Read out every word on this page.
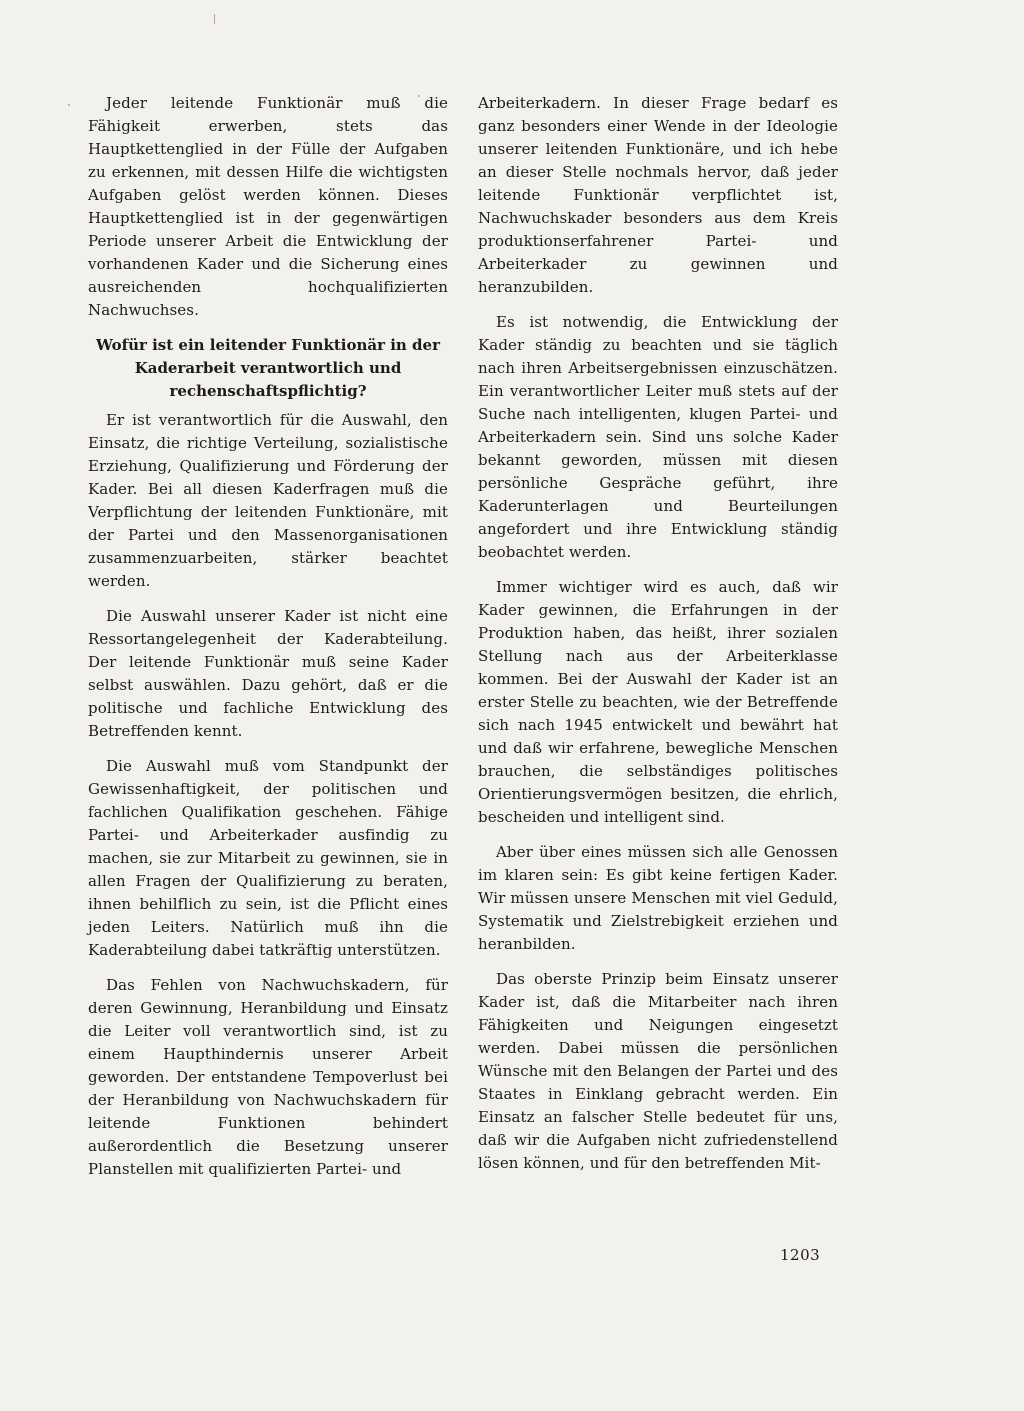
Jeder leitende Funktionär muß die Fähigkeit erwerben, stets das Hauptkettenglied in der Fülle der Aufgaben zu erkennen, mit dessen Hilfe die wichtigsten Aufgaben gelöst werden können. Dieses Hauptkettenglied ist in der gegenwärtigen Periode unserer Arbeit die Entwicklung der vorhandenen Kader und die Sicherung eines ausreichenden hochqualifizierten Nachwuchses.

Wofür ist ein leitender Funktionär in der Kaderarbeit verantwortlich und rechenschaftspflichtig?

Er ist verantwortlich für die Auswahl, den Einsatz, die richtige Verteilung, sozialistische Erziehung, Qualifizierung und Förderung der Kader. Bei all diesen Kaderfragen muß die Verpflichtung der leitenden Funktionäre, mit der Partei und den Massenorganisationen zusammenzuarbeiten, stärker beachtet werden.

Die Auswahl unserer Kader ist nicht eine Ressortangelegenheit der Kaderabteilung. Der leitende Funktionär muß seine Kader selbst auswählen. Dazu gehört, daß er die politische und fachliche Entwicklung des Betreffenden kennt.

Die Auswahl muß vom Standpunkt der Gewissenhaftigkeit, der politischen und fachlichen Qualifikation geschehen. Fähige Partei- und Arbeiterkader ausfindig zu machen, sie zur Mitarbeit zu gewinnen, sie in allen Fragen der Qualifizierung zu beraten, ihnen behilflich zu sein, ist die Pflicht eines jeden Leiters. Natürlich muß ihn die Kaderabteilung dabei tatkräftig unterstützen.

Das Fehlen von Nachwuchskadern, für deren Gewinnung, Heranbildung und Einsatz die Leiter voll verantwortlich sind, ist zu einem Haupthindernis unserer Arbeit geworden. Der entstandene Tempoverlust bei der Heranbildung von Nachwuchskadern für leitende Funktionen behindert außerordentlich die Besetzung unserer Planstellen mit qualifizierten Partei- und

Arbeiterkadern. In dieser Frage bedarf es ganz besonders einer Wende in der Ideologie unserer leitenden Funktionäre, und ich hebe an dieser Stelle nochmals hervor, daß jeder leitende Funktionär verpflichtet ist, Nachwuchskader besonders aus dem Kreis produktionserfahrener Partei- und Arbeiterkader zu gewinnen und heranzubilden.

Es ist notwendig, die Entwicklung der Kader ständig zu beachten und sie täglich nach ihren Arbeitsergebnissen einzuschätzen. Ein verantwortlicher Leiter muß stets auf der Suche nach intelligenten, klugen Partei- und Arbeiterkadern sein. Sind uns solche Kader bekannt geworden, müssen mit diesen persönliche Gespräche geführt, ihre Kaderunterlagen und Beurteilungen angefordert und ihre Entwicklung ständig beobachtet werden.

Immer wichtiger wird es auch, daß wir Kader gewinnen, die Erfahrungen in der Produktion haben, das heißt, ihrer sozialen Stellung nach aus der Arbeiterklasse kommen. Bei der Auswahl der Kader ist an erster Stelle zu beachten, wie der Betreffende sich nach 1945 entwickelt und bewährt hat und daß wir erfahrene, bewegliche Menschen brauchen, die selbständiges politisches Orientierungsvermögen besitzen, die ehrlich, bescheiden und intelligent sind.

Aber über eines müssen sich alle Genossen im klaren sein: Es gibt keine fertigen Kader. Wir müssen unsere Menschen mit viel Geduld, Systematik und Zielstrebigkeit erziehen und heranbilden.

Das oberste Prinzip beim Einsatz unserer Kader ist, daß die Mitarbeiter nach ihren Fähigkeiten und Neigungen eingesetzt werden. Dabei müssen die persönlichen Wünsche mit den Belangen der Partei und des Staates in Einklang gebracht werden. Ein Einsatz an falscher Stelle bedeutet für uns, daß wir die Aufgaben nicht zufriedenstellend lösen können, und für den betreffenden Mit-

1203
